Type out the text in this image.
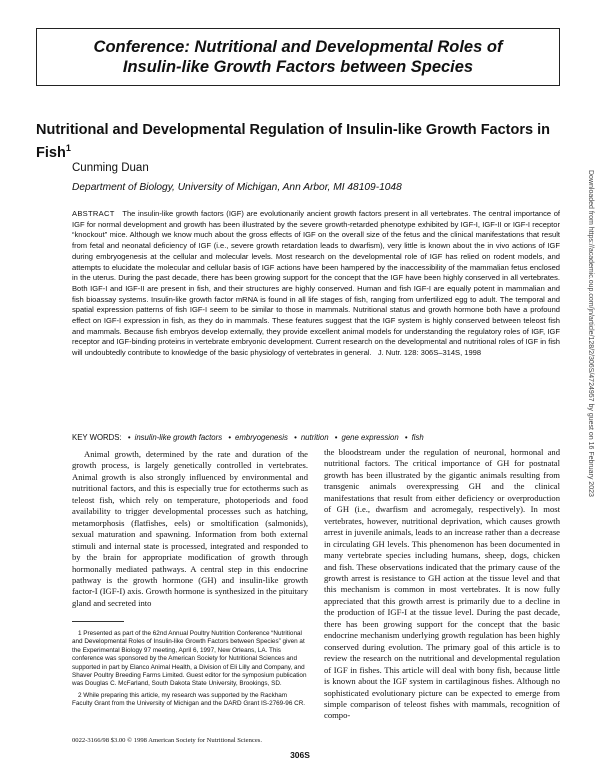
Conference: Nutritional and Developmental Roles of
Insulin-like Growth Factors between Species
Nutritional and Developmental Regulation of Insulin-like Growth Factors in Fish$^1$
Cunming Duan
Department of Biology, University of Michigan, Ann Arbor, MI 48109-1048

ABSTRACT The insulin-like growth factors (IGF) are evolutionarily ancient growth factors present in all vertebrates. The central importance of IGF for normal development and growth has been illustrated by the severe growth-retarded phenotype exhibited by IGF-I, IGF-II or IGF-I receptor “knockout” mice. Although we know much about the gross effects of IGF on the overall size of the fetus and the clinical manifestations that result from fetal and neonatal deficiency of IGF (i.e., severe growth retardation leads to dwarfism), very little is known about the in vivo actions of IGF during embryogenesis at the cellular and molecular levels. Most research on the developmental role of IGF has relied on rodent models, and attempts to elucidate the molecular and cellular basis of IGF actions have been hampered by the inaccessibility of the mammalian fetus enclosed in the uterus. During the past decade, there has been growing support for the concept that the IGF have been highly conserved in all vertebrates. Both IGF-I and IGF-II are present in fish, and their structures are highly conserved. Human and fish IGF-I are equally potent in mammalian and fish bioassay systems. Insulin-like growth factor mRNA is found in all life stages of fish, ranging from unfertilized egg to adult. The temporal and spatial expression patterns of fish IGF-I seem to be similar to those in mammals. Nutritional status and growth hormone both have a profound effect on IGF-I expression in fish, as they do in mammals. These features suggest that the IGF system is highly conserved between teleost fish and mammals. Because fish embryos develop externally, they provide excellent animal models for understanding the regulatory roles of IGF, IGF receptor and IGF-binding proteins in vertebrate embryonic development. Current research on the developmental and nutritional roles of IGF in fish will undoubtedly contribute to knowledge of the basic physiology of vertebrates in general. J. Nutr. 128: 306S–314S, 1998

KEY WORDS: • insulin-like growth factors • embryogenesis • nutrition • gene expression • fish

Animal growth, determined by the rate and duration of the growth process, is largely genetically controlled in vertebrates. Animal growth is also strongly influenced by environmental and nutritional factors, and this is especially true for ectotherms such as teleost fish, which rely on temperature, photoperiods and food availability to trigger developmental processes such as hatching, metamorphosis (flatfishes, eels) or smoltification (salmonids), sexual maturation and spawning. Information from both external stimuli and internal state is processed, integrated and responded to by the brain for appropriate modification of growth through hormonally mediated pathways. A central step in this endocrine pathway is the growth hormone (GH) and insulin-like growth factor-I (IGF-I) axis. Growth hormone is synthesized in the pituitary gland and secreted into

the bloodstream under the regulation of neuronal, hormonal and nutritional factors. The critical importance of GH for postnatal growth has been illustrated by the gigantic animals resulting from transgenic animals overexpressing GH and the clinical manifestations that result from either deficiency or overproduction of GH (i.e., dwarfism and acromegaly, respectively). In most vertebrates, however, nutritional deprivation, which causes growth arrest in juvenile animals, leads to an increase rather than a decrease in circulating GH levels. This phenomenon has been documented in many vertebrate species including humans, sheep, dogs, chicken and fish. These observations indicated that the primary cause of the growth arrest is resistance to GH action at the tissue level and that this mechanism is common in most vertebrates. It is now fully appreciated that this growth arrest is primarily due to a decline in the production of IGF-I at the tissue level. During the past decade, there has been growing support for the concept that the basic endocrine mechanism underlying growth regulation has been highly conserved during evolution. The primary goal of this article is to review the research on the nutritional and developmental regulation of IGF in fishes. This article will deal with bony fish, because little is known about the IGF system in cartilaginous fishes. Although no sophisticated evolutionary picture can be expected to emerge from simple comparison of teleost fishes with mammals, recognition of compo-

1 Presented as part of the 62nd Annual Poultry Nutrition Conference “Nutritional and Developmental Roles of Insulin-like Growth Factors between Species” given at the Experimental Biology 97 meeting, April 6, 1997, New Orleans, LA. This conference was sponsored by the American Society for Nutritional Sciences and supported in part by Elanco Animal Health, a Division of Eli Lilly and Company, and Shaver Poultry Breeding Farms Limited. Guest editor for the symposium publication was Douglas C. McFarland, South Dakota State University, Brookings, SD.

2 While preparing this article, my research was supported by the Rackham Faculty Grant from the University of Michigan and the DARD Grant IS-2769-96 CR.

0022-3166/98 $3.00 © 1998 American Society for Nutritional Sciences.
306S
Downloaded from https://academic.oup.com/jn/article/128/2/306S/4724957 by guest on 16 February 2023
